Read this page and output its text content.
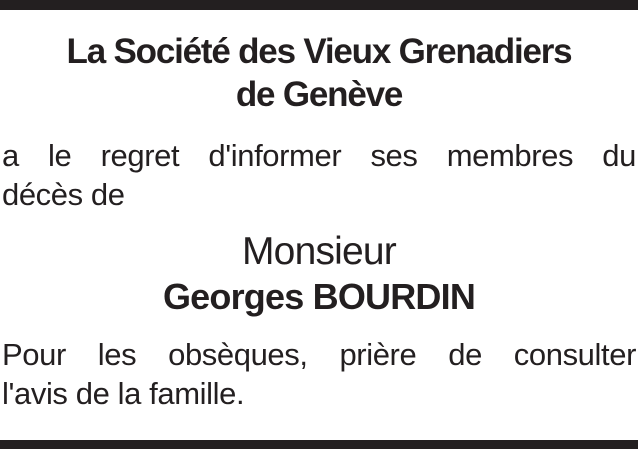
La Société des Vieux Grenadiers
de Genève
a le regret d'informer ses membres du
décès de
Monsieur
Georges BOURDIN
Pour les obsèques, prière de consulter
l'avis de la famille.
